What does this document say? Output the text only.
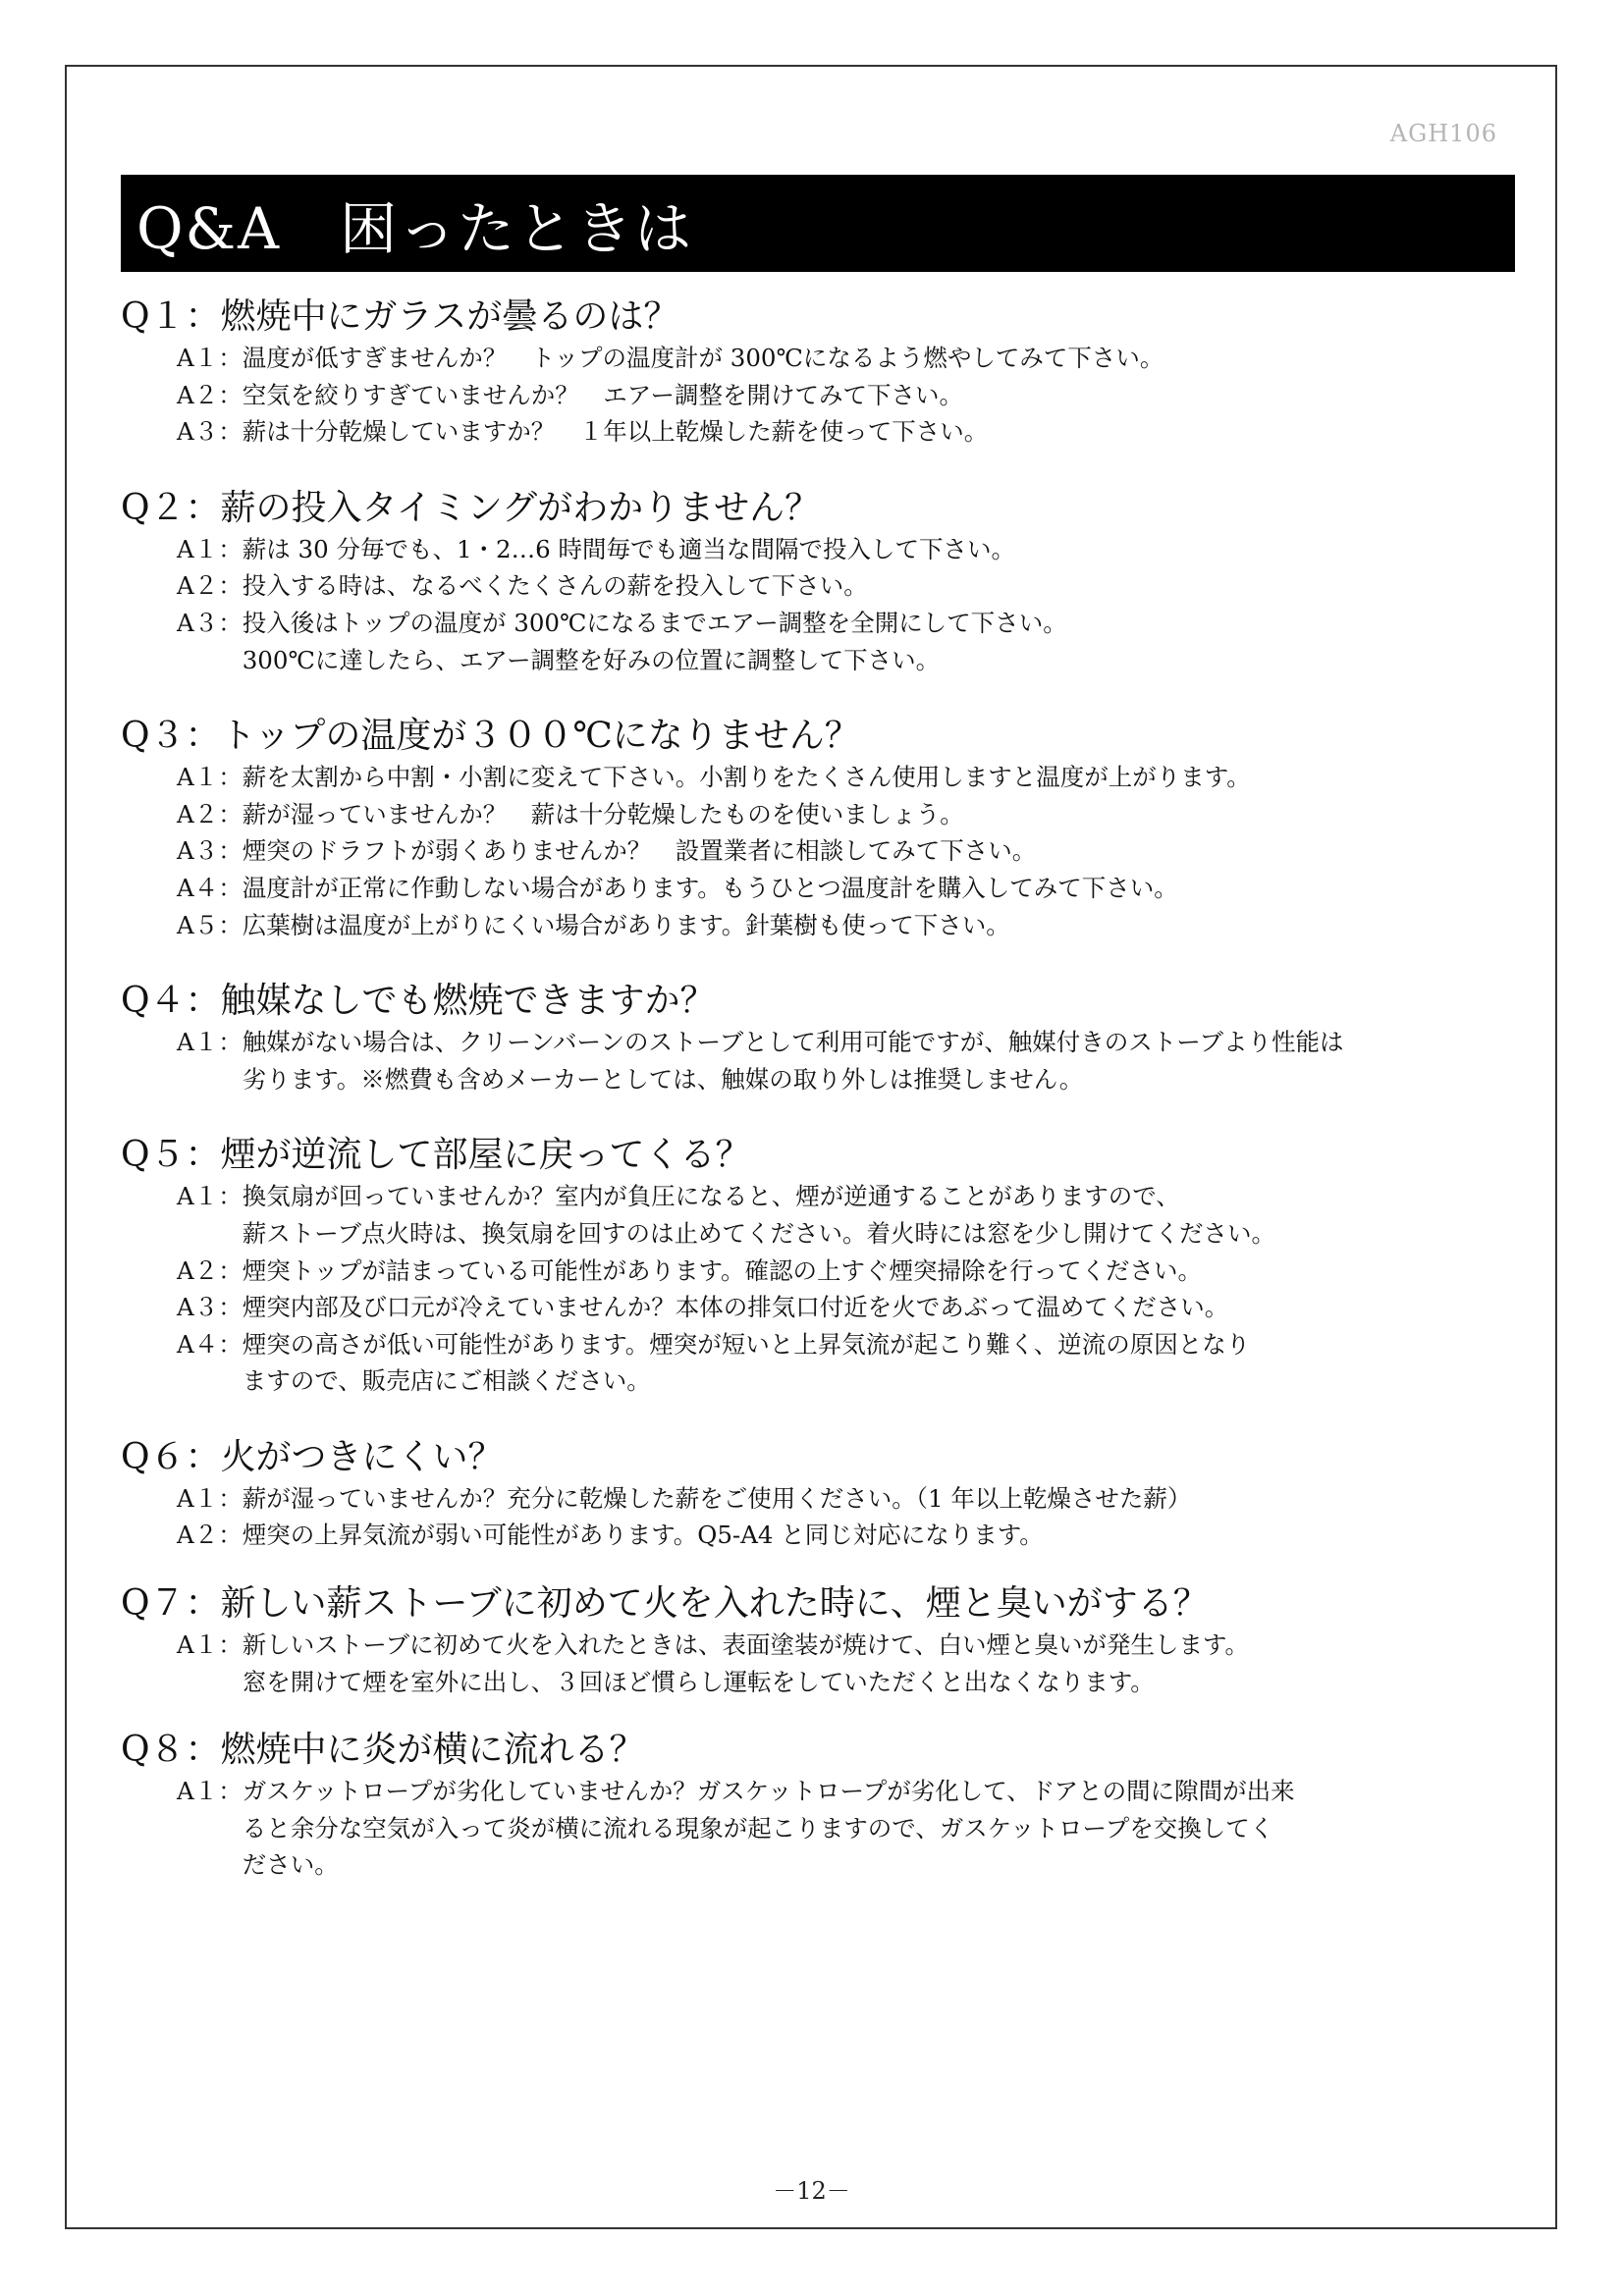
AGH106
Q&A　困ったときは
Q１：燃焼中にガラスが曇るのは？
A１： 温度が低すぎませんか？　トップの温度計が 300℃になるよう燃やしてみて下さい。
A２： 空気を絞りすぎていませんか？　エアー調整を開けてみて下さい。
A３： 薪は十分乾燥していますか？　１年以上乾燥した薪を使って下さい。
Q２：薪の投入タイミングがわかりません？
A１： 薪は 30 分毎でも、1・2…6 時間毎でも適当な間隔で投入して下さい。
A２： 投入する時は、なるべくたくさんの薪を投入して下さい。
A３： 投入後はトップの温度が 300℃になるまでエアー調整を全開にして下さい。
300℃に達したら、エアー調整を好みの位置に調整して下さい。
Q３：トップの温度が３００℃になりません？
A１： 薪を太割から中割・小割に変えて下さい。小割りをたくさん使用しますと温度が上がります。
A２： 薪が湿っていませんか？　薪は十分乾燥したものを使いましょう。
A３： 煙突のドラフトが弱くありませんか？　設置業者に相談してみて下さい。
A４： 温度計が正常に作動しない場合があります。もうひとつ温度計を購入してみて下さい。
A５： 広葉樹は温度が上がりにくい場合があります。針葉樹も使って下さい。
Q４：触媒なしでも燃焼できますか？
A１： 触媒がない場合は、クリーンバーンのストーブとして利用可能ですが、触媒付きのストーブより性能は
劣ります。※燃費も含めメーカーとしては、触媒の取り外しは推奨しません。
Q５：煙が逆流して部屋に戻ってくる？
A１： 換気扇が回っていませんか？室内が負圧になると、煙が逆通することがありますので、
薪ストーブ点火時は、換気扇を回すのは止めてください。着火時には窓を少し開けてください。
A２： 煙突トップが詰まっている可能性があります。確認の上すぐ煙突掃除を行ってください。
A３： 煙突内部及び口元が冷えていませんか？本体の排気口付近を火であぶって温めてください。
A４： 煙突の高さが低い可能性があります。煙突が短いと上昇気流が起こり難く、逆流の原因となり
ますので、販売店にご相談ください。
Q６：火がつきにくい？
A１： 薪が湿っていませんか？充分に乾燥した薪をご使用ください。（1 年以上乾燥させた薪）
A２： 煙突の上昇気流が弱い可能性があります。Q5-A4 と同じ対応になります。
Q７：新しい薪ストーブに初めて火を入れた時に、煙と臭いがする？
A１： 新しいストーブに初めて火を入れたときは、表面塗装が焼けて、白い煙と臭いが発生します。
窓を開けて煙を室外に出し、３回ほど慣らし運転をしていただくと出なくなります。
Q８：燃焼中に炎が横に流れる？
A１： ガスケットロープが劣化していませんか？ガスケットロープが劣化して、ドアとの間に隙間が出来
ると余分な空気が入って炎が横に流れる現象が起こりますので、ガスケットロープを交換してく
ださい。
－12－
